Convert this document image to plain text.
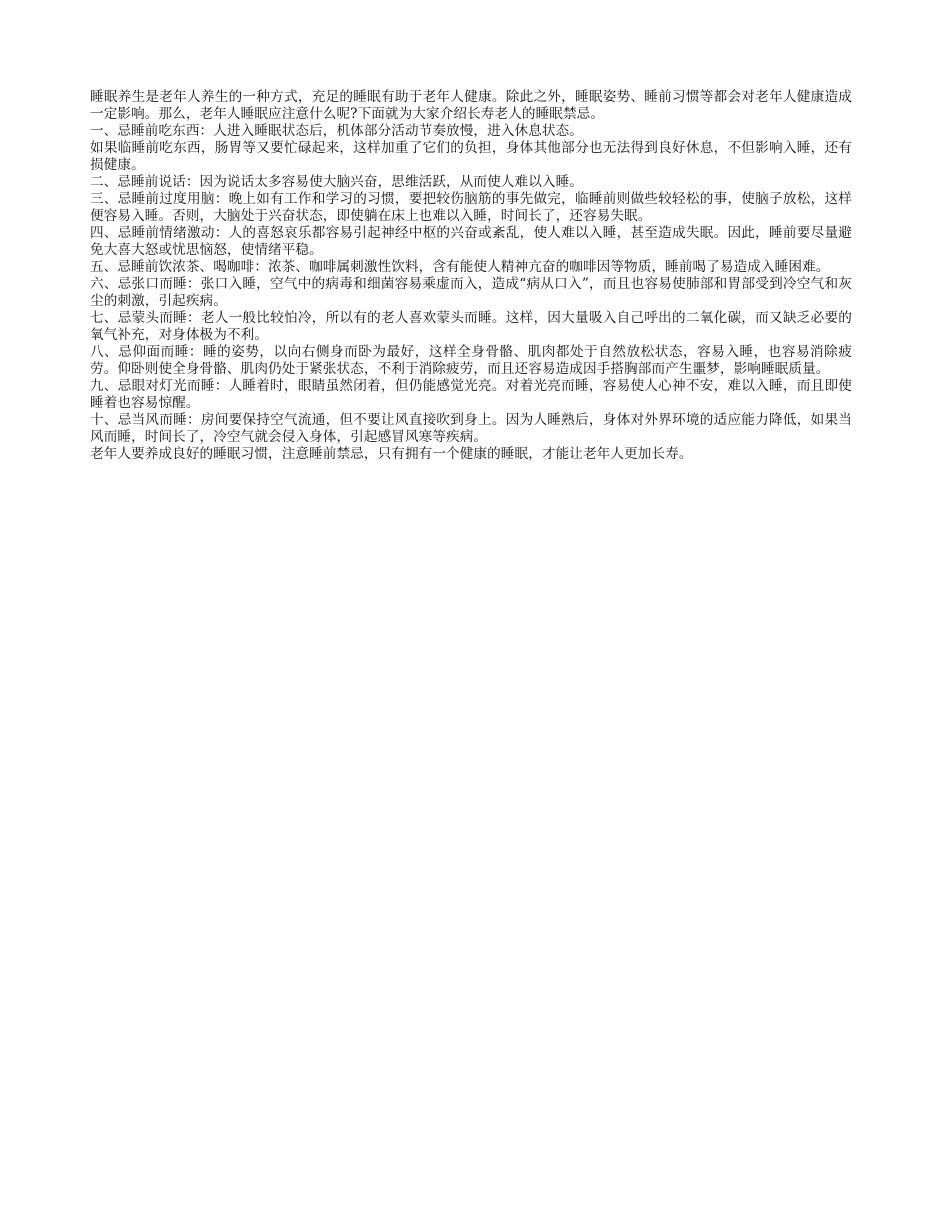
睡眠养生是老年人养生的一种方式，充足的睡眠有助于老年人健康。除此之外，睡眠姿势、睡前习惯等都会对老年人健康造成一定影响。那么，老年人睡眠应注意什么呢?下面就为大家介绍长寿老人的睡眠禁忌。

一、忌睡前吃东西：人进入睡眠状态后，机体部分活动节奏放慢，进入休息状态。

如果临睡前吃东西，肠胃等又要忙碌起来，这样加重了它们的负担，身体其他部分也无法得到良好休息，不但影响入睡，还有损健康。

二、忌睡前说话：因为说话太多容易使大脑兴奋，思维活跃，从而使人难以入睡。

三、忌睡前过度用脑：晚上如有工作和学习的习惯，要把较伤脑筋的事先做完，临睡前则做些较轻松的事，使脑子放松，这样便容易入睡。否则，大脑处于兴奋状态，即使躺在床上也难以入睡，时间长了，还容易失眠。

四、忌睡前情绪激动：人的喜怒哀乐都容易引起神经中枢的兴奋或紊乱，使人难以入睡，甚至造成失眠。因此，睡前要尽量避免大喜大怒或忧思恼怒，使情绪平稳。

五、忌睡前饮浓茶、喝咖啡：浓茶、咖啡属刺激性饮料，含有能使人精神亢奋的咖啡因等物质，睡前喝了易造成入睡困难。

六、忌张口而睡：张口入睡，空气中的病毒和细菌容易乘虚而入，造成“病从口入”，而且也容易使肺部和胃部受到冷空气和灰尘的刺激，引起疾病。

七、忌蒙头而睡：老人一般比较怕冷，所以有的老人喜欢蒙头而睡。这样，因大量吸入自己呼出的二氧化碳，而又缺乏必要的氧气补充，对身体极为不利。

八、忌仰面而睡：睡的姿势，以向右侧身而卧为最好，这样全身骨骼、肌肉都处于自然放松状态，容易入睡，也容易消除疲劳。仰卧则使全身骨骼、肌肉仍处于紧张状态，不利于消除疲劳，而且还容易造成因手搭胸部而产生噩梦，影响睡眠质量。

九、忌眼对灯光而睡：人睡着时，眼睛虽然闭着，但仍能感觉光亮。对着光亮而睡，容易使人心神不安，难以入睡，而且即使睡着也容易惊醒。

十、忌当风而睡：房间要保持空气流通，但不要让风直接吹到身上。因为人睡熟后，身体对外界环境的适应能力降低，如果当风而睡，时间长了，冷空气就会侵入身体，引起感冒风寒等疾病。

老年人要养成良好的睡眠习惯，注意睡前禁忌，只有拥有一个健康的睡眠，才能让老年人更加长寿。
